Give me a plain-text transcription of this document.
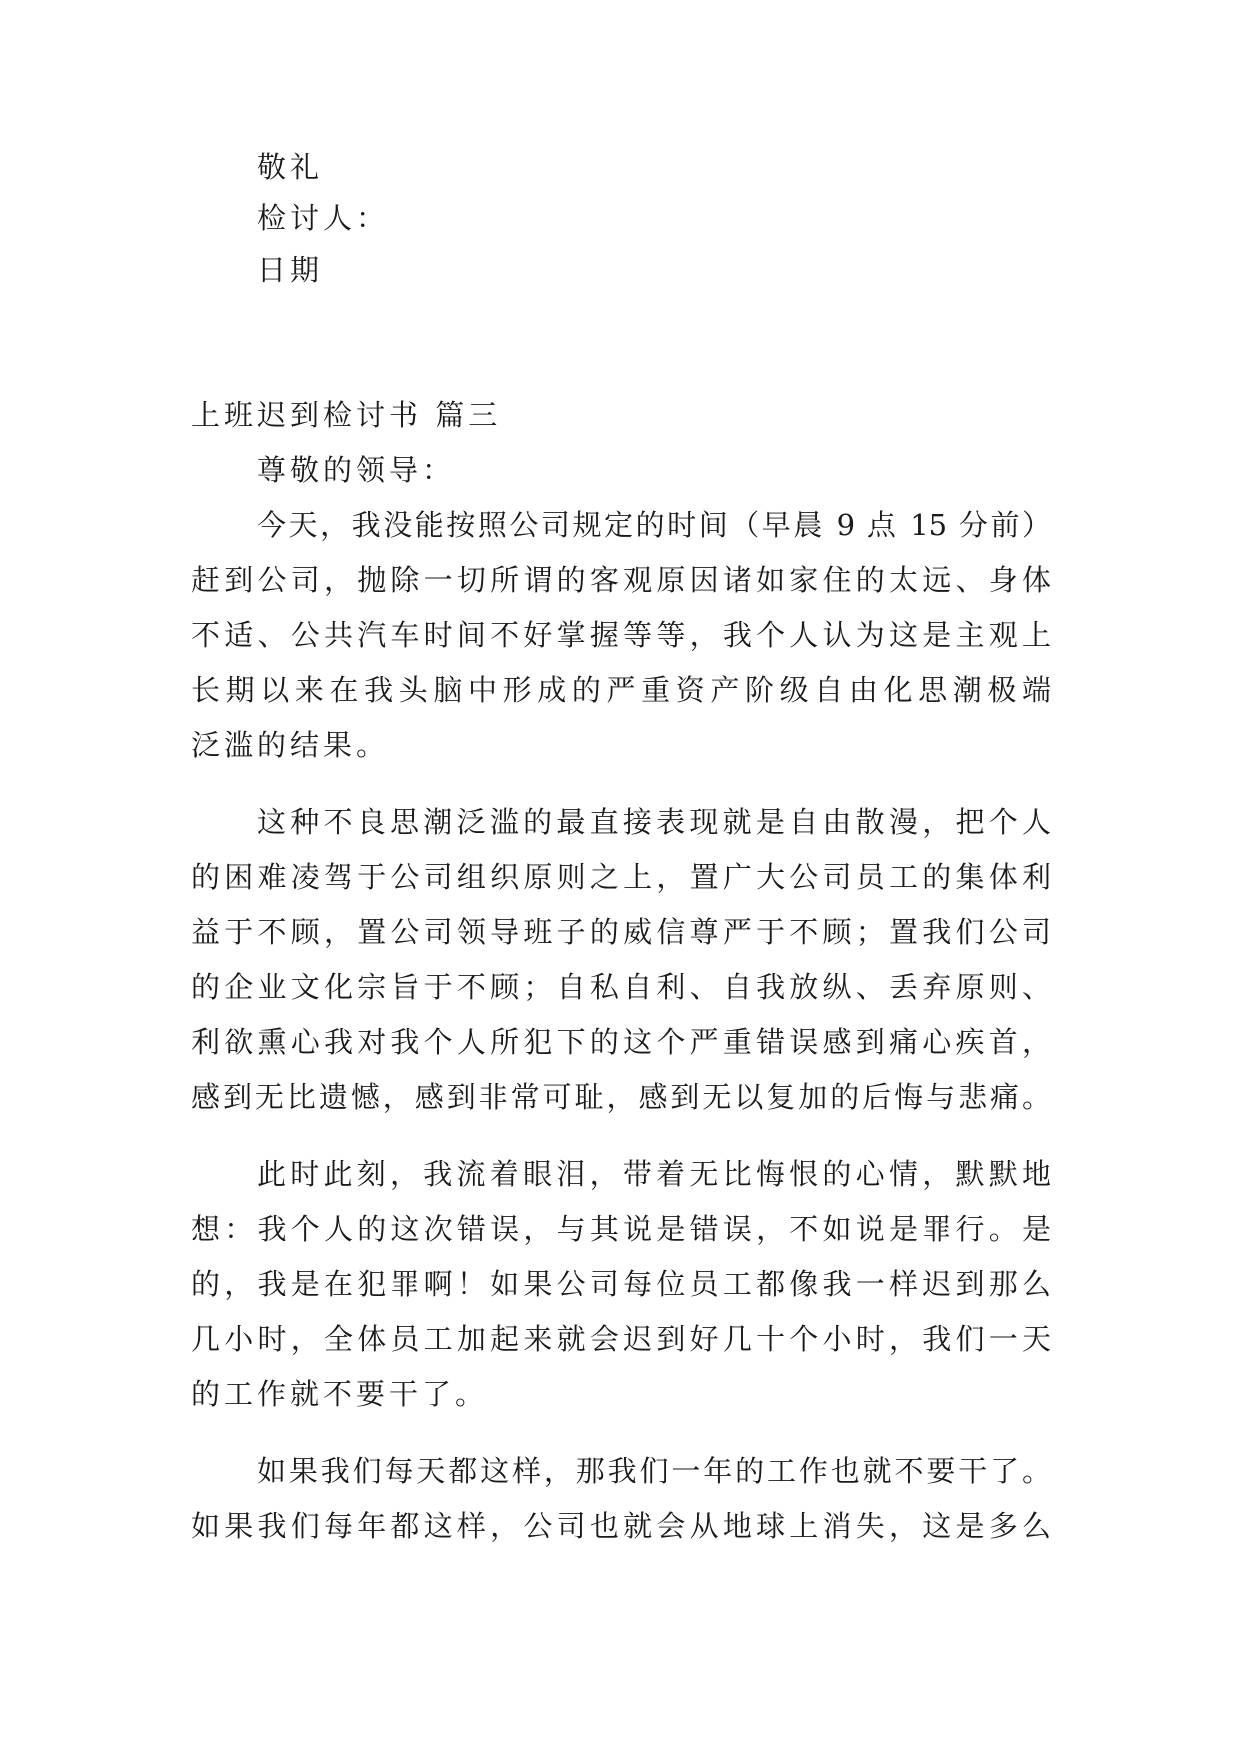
敬礼
检讨人：
日期
上班迟到检讨书 篇三
尊敬的领导：
今天，我没能按照公司规定的时间（早晨 9 点 15 分前）
赶到公司，抛除一切所谓的客观原因诸如家住的太远、身体
不适、公共汽车时间不好掌握等等，我个人认为这是主观上
长期以来在我头脑中形成的严重资产阶级自由化思潮极端
泛滥的结果。
这种不良思潮泛滥的最直接表现就是自由散漫，把个人
的困难凌驾于公司组织原则之上，置广大公司员工的集体利
益于不顾，置公司领导班子的威信尊严于不顾；置我们公司
的企业文化宗旨于不顾；自私自利、自我放纵、丢弃原则、
利欲熏心我对我个人所犯下的这个严重错误感到痛心疾首，
感到无比遗憾，感到非常可耻，感到无以复加的后悔与悲痛。
此时此刻，我流着眼泪，带着无比悔恨的心情，默默地
想：我个人的这次错误，与其说是错误，不如说是罪行。是
的，我是在犯罪啊！如果公司每位员工都像我一样迟到那么
几小时，全体员工加起来就会迟到好几十个小时，我们一天
的工作就不要干了。
如果我们每天都这样，那我们一年的工作也就不要干了。
如果我们每年都这样，公司也就会从地球上消失，这是多么
